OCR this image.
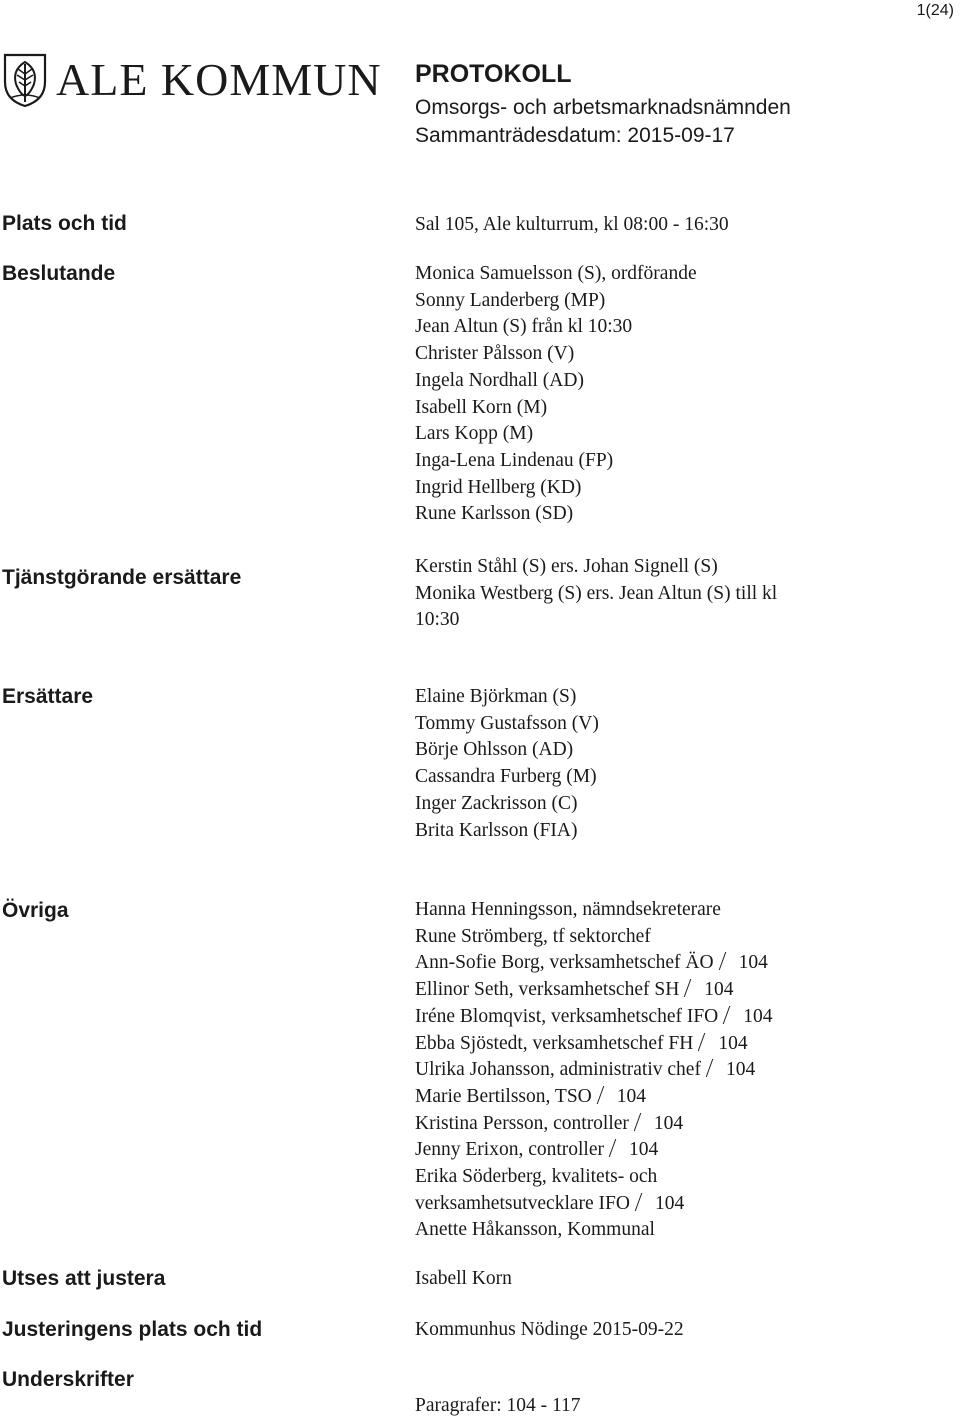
1(24)
ALE KOMMUN PROTOKOLL
Omsorgs- och arbetsmarknadsnämnden
Sammanträdesdatum: 2015-09-17
Plats och tid	Sal 105, Ale kulturrum, kl 08:00 - 16:30
Beslutande	Monica Samuelsson (S), ordförande
Sonny Landerberg (MP)
Jean Altun (S) från kl 10:30
Christer Pålsson (V)
Ingela Nordhall (AD)
Isabell Korn (M)
Lars Kopp (M)
Inga-Lena Lindenau (FP)
Ingrid Hellberg (KD)
Rune Karlsson (SD)
Tjänstgörande ersättare	Kerstin Ståhl (S) ers. Johan Signell (S)
Monika Westberg (S) ers. Jean Altun (S) till kl
10:30
Ersättare	Elaine Björkman (S)
Tommy Gustafsson (V)
Börje Ohlsson (AD)
Cassandra Furberg (M)
Inger Zackrisson (C)
Brita Karlsson (FIA)
Övriga	Hanna Henningsson, nämndsekreterare
Rune Strömberg, tf sektorchef
Ann-Sofie Borg, verksamhetschef ÄO 104
Ellinor Seth, verksamhetschef SH 104
Iréne Blomqvist, verksamhetschef IFO 104
Ebba Sjöstedt, verksamhetschef FH 104
Ulrika Johansson, administrativ chef 104
Marie Bertilsson, TSO 104
Kristina Persson, controller 104
Jenny Erixon, controller 104
Erika Söderberg, kvalitets- och
verksamhetsutvecklare IFO 104
Anette Håkansson, Kommunal
Utses att justera	Isabell Korn
Justeringens plats och tid	Kommunhus Nödinge 2015-09-22
Underskrifter
Paragrafer: 104 - 117
